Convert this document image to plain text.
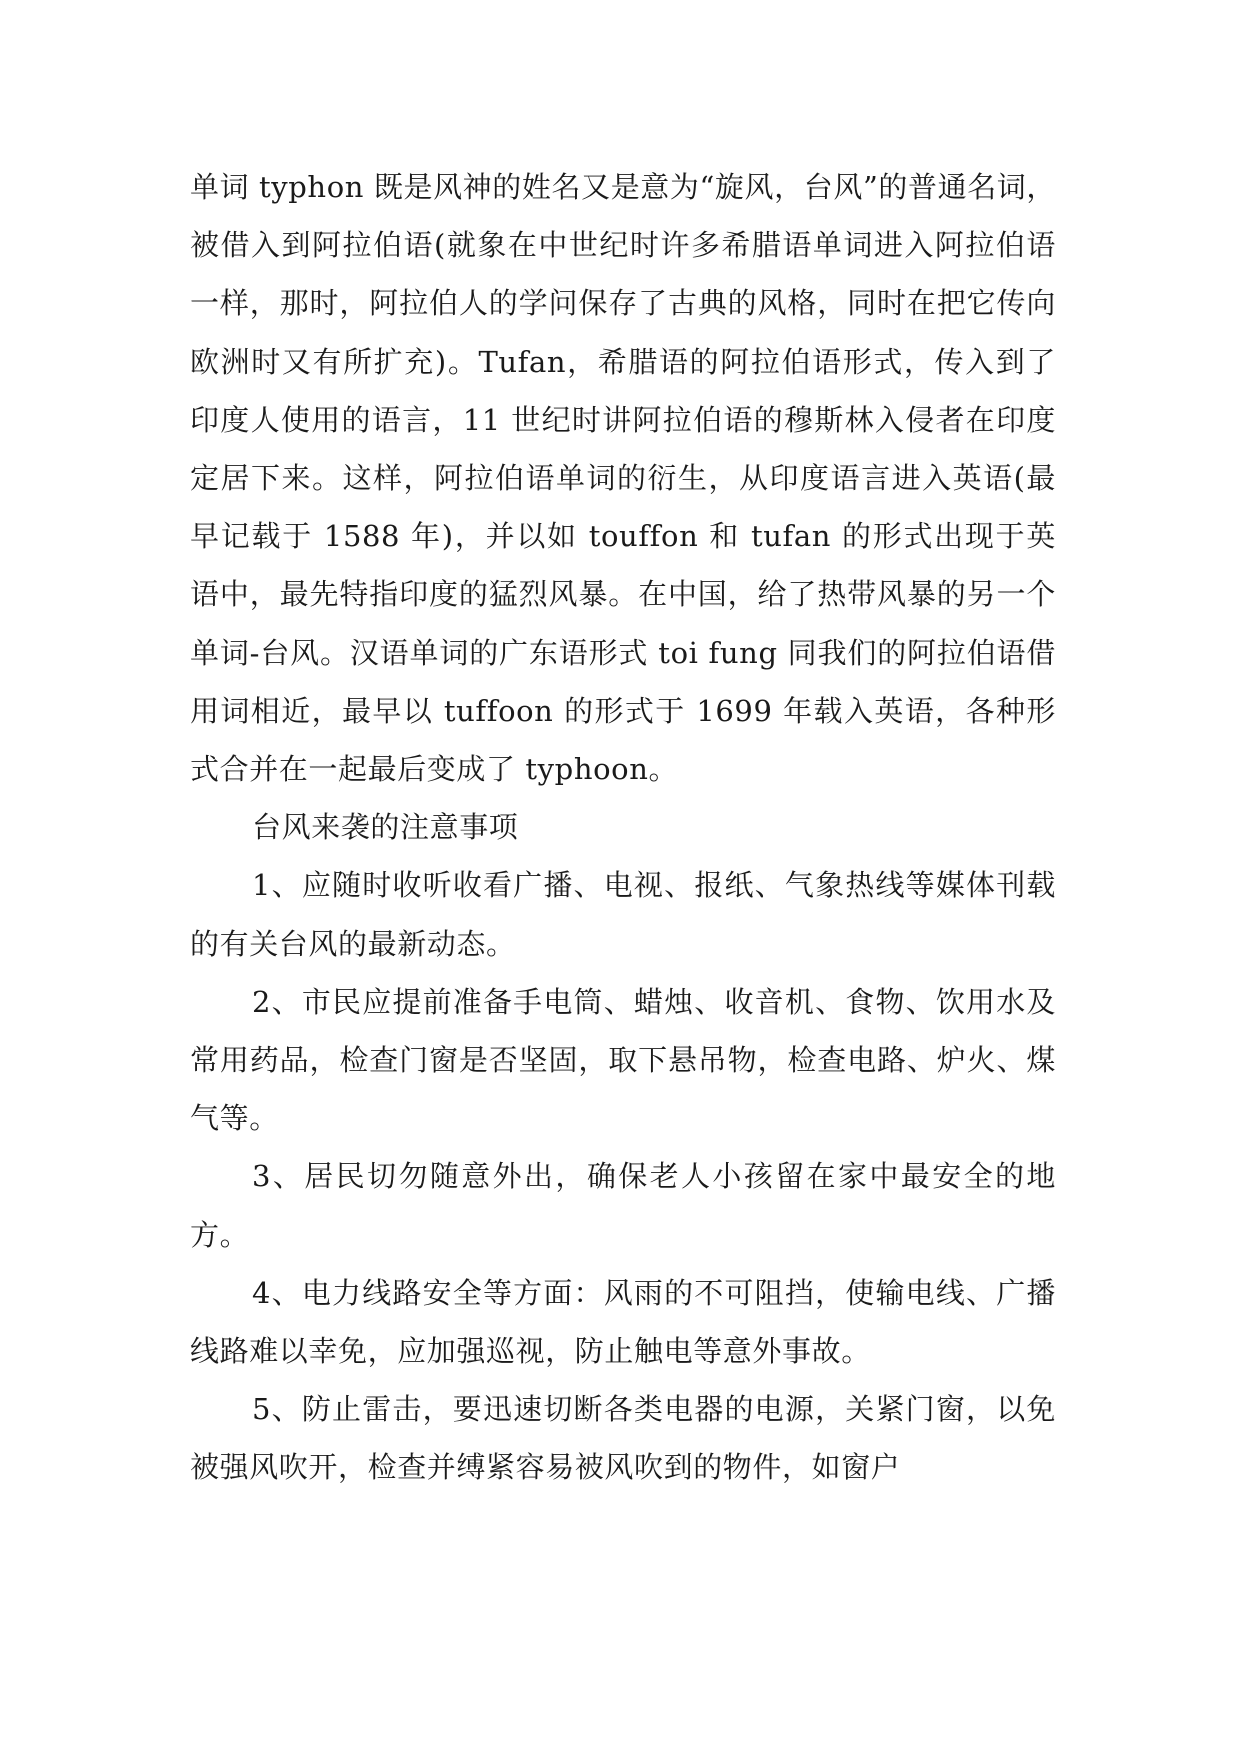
单词 typhon 既是风神的姓名又是意为“旋风，台风”的普通名词，被借入到阿拉伯语(就象在中世纪时许多希腊语单词进入阿拉伯语一样，那时，阿拉伯人的学问保存了古典的风格，同时在把它传向欧洲时又有所扩充)。Tufan，希腊语的阿拉伯语形式，传入到了印度人使用的语言，11 世纪时讲阿拉伯语的穆斯林入侵者在印度定居下来。这样，阿拉伯语单词的衍生，从印度语言进入英语(最早记载于 1588 年)，并以如 touffon 和 tufan 的形式出现于英语中，最先特指印度的猛烈风暴。在中国，给了热带风暴的另一个单词-台风。汉语单词的广东语形式 toi fung 同我们的阿拉伯语借用词相近，最早以 tuffoon 的形式于 1699 年载入英语，各种形式合并在一起最后变成了 typhoon。

台风来袭的注意事项

1、应随时收听收看广播、电视、报纸、气象热线等媒体刊载的有关台风的最新动态。

2、市民应提前准备手电筒、蜡烛、收音机、食物、饮用水及常用药品，检查门窗是否坚固，取下悬吊物，检查电路、炉火、煤气等。

3、居民切勿随意外出，确保老人小孩留在家中最安全的地方。

4、电力线路安全等方面：风雨的不可阻挡，使输电线、广播线路难以幸免，应加强巡视，防止触电等意外事故。

5、防止雷击，要迅速切断各类电器的电源，关紧门窗，以免被强风吹开，检查并缚紧容易被风吹到的物件，如窗户
